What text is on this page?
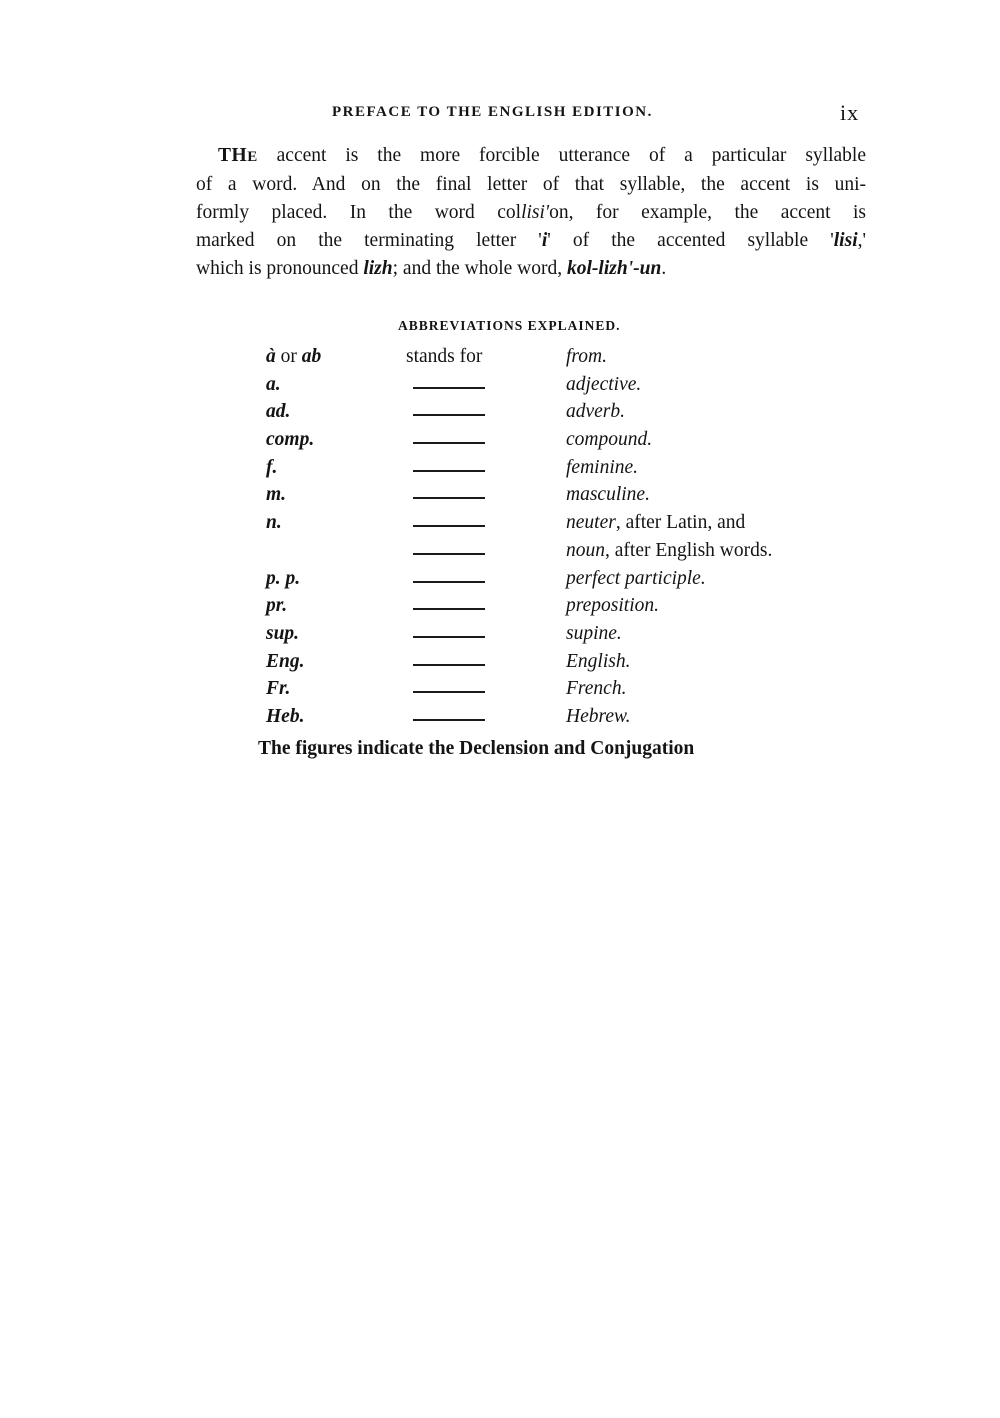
PREFACE TO THE ENGLISH EDITION.	ix
THE accent is the more forcible utterance of a particular syllable
of a word. And on the final letter of that syllable, the accent is uni-
formly placed. In the word collisi'on, for example, the accent is
marked on the terminating letter 'i' of the accented syllable 'lisi,'
which is pronounced lizh; and the whole word, kol-lizh'-un.
ABBREVIATIONS EXPLAINED.
à or ab	stands for	from.
a.	adjective.
ad.	adverb.
comp.	compound.
f.	feminine.
m.	masculine.
n.	neuter, after Latin, and
noun, after English words.
p. p.	perfect participle.
pr.	preposition.
sup.	supine.
Eng.	English.
Fr.	French.
Heb.	Hebrew.
The figures indicate the Declension and Conjugation
